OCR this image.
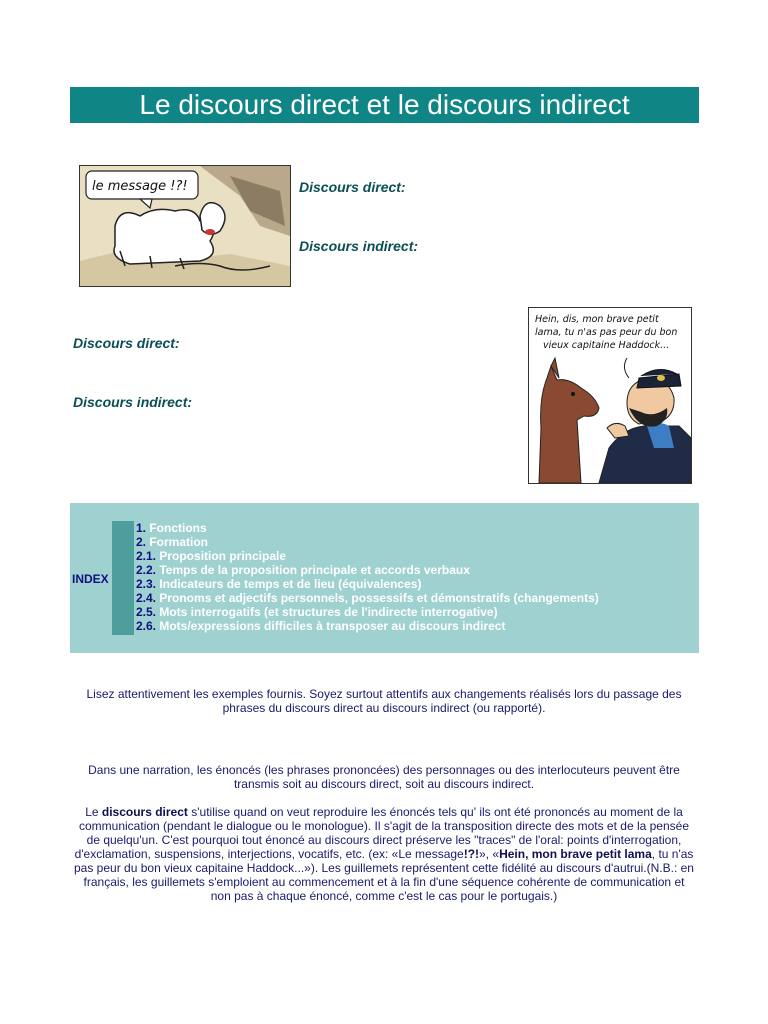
Le discours direct et le discours indirect
le message !?!	Discours direct:
Discours indirect:
Hein, dis, mon brave petit
lama, tu n'as pas peur du bon
vieux capitaine Haddock...
Discours direct:
Discours indirect:
INDEX
1. Fonctions
2. Formation
2.1. Proposition principale
2.2. Temps de la proposition principale et accords verbaux
2.3. Indicateurs de temps et de lieu (équivalences)
2.4. Pronoms et adjectifs personnels, possessifs et démonstratifs (changements)
2.5. Mots interrogatifs (et structures de l'indirecte interrogative)
2.6. Mots/expressions difficiles à transposer au discours indirect
Lisez attentivement les exemples fournis. Soyez surtout attentifs aux changements réalisés lors du passage des phrases du discours direct au discours indirect (ou rapporté).
Dans une narration, les énoncés (les phrases prononcées) des personnages ou des interlocuteurs peuvent être transmis soit au discours direct, soit au discours indirect.
Le discours direct s'utilise quand on veut reproduire les énoncés tels qu' ils ont été prononcés au moment de la communication (pendant le dialogue ou le monologue). Il s'agit de la transposition directe des mots et de la pensée de quelqu'un. C'est pourquoi tout énoncé au discours direct préserve les "traces" de l'oral: points d'interrogation, d'exclamation, suspensions, interjections, vocatifs, etc. (ex: «Le message!?!», «Hein, mon brave petit lama, tu n'as pas peur du bon vieux capitaine Haddock...»). Les guillemets représentent cette fidélité au discours d'autrui.(N.B.: en français, les guillemets s'emploient au commencement et à la fin d'une séquence cohérente de communication et non pas à chaque énoncé, comme c'est le cas pour le portugais.)
